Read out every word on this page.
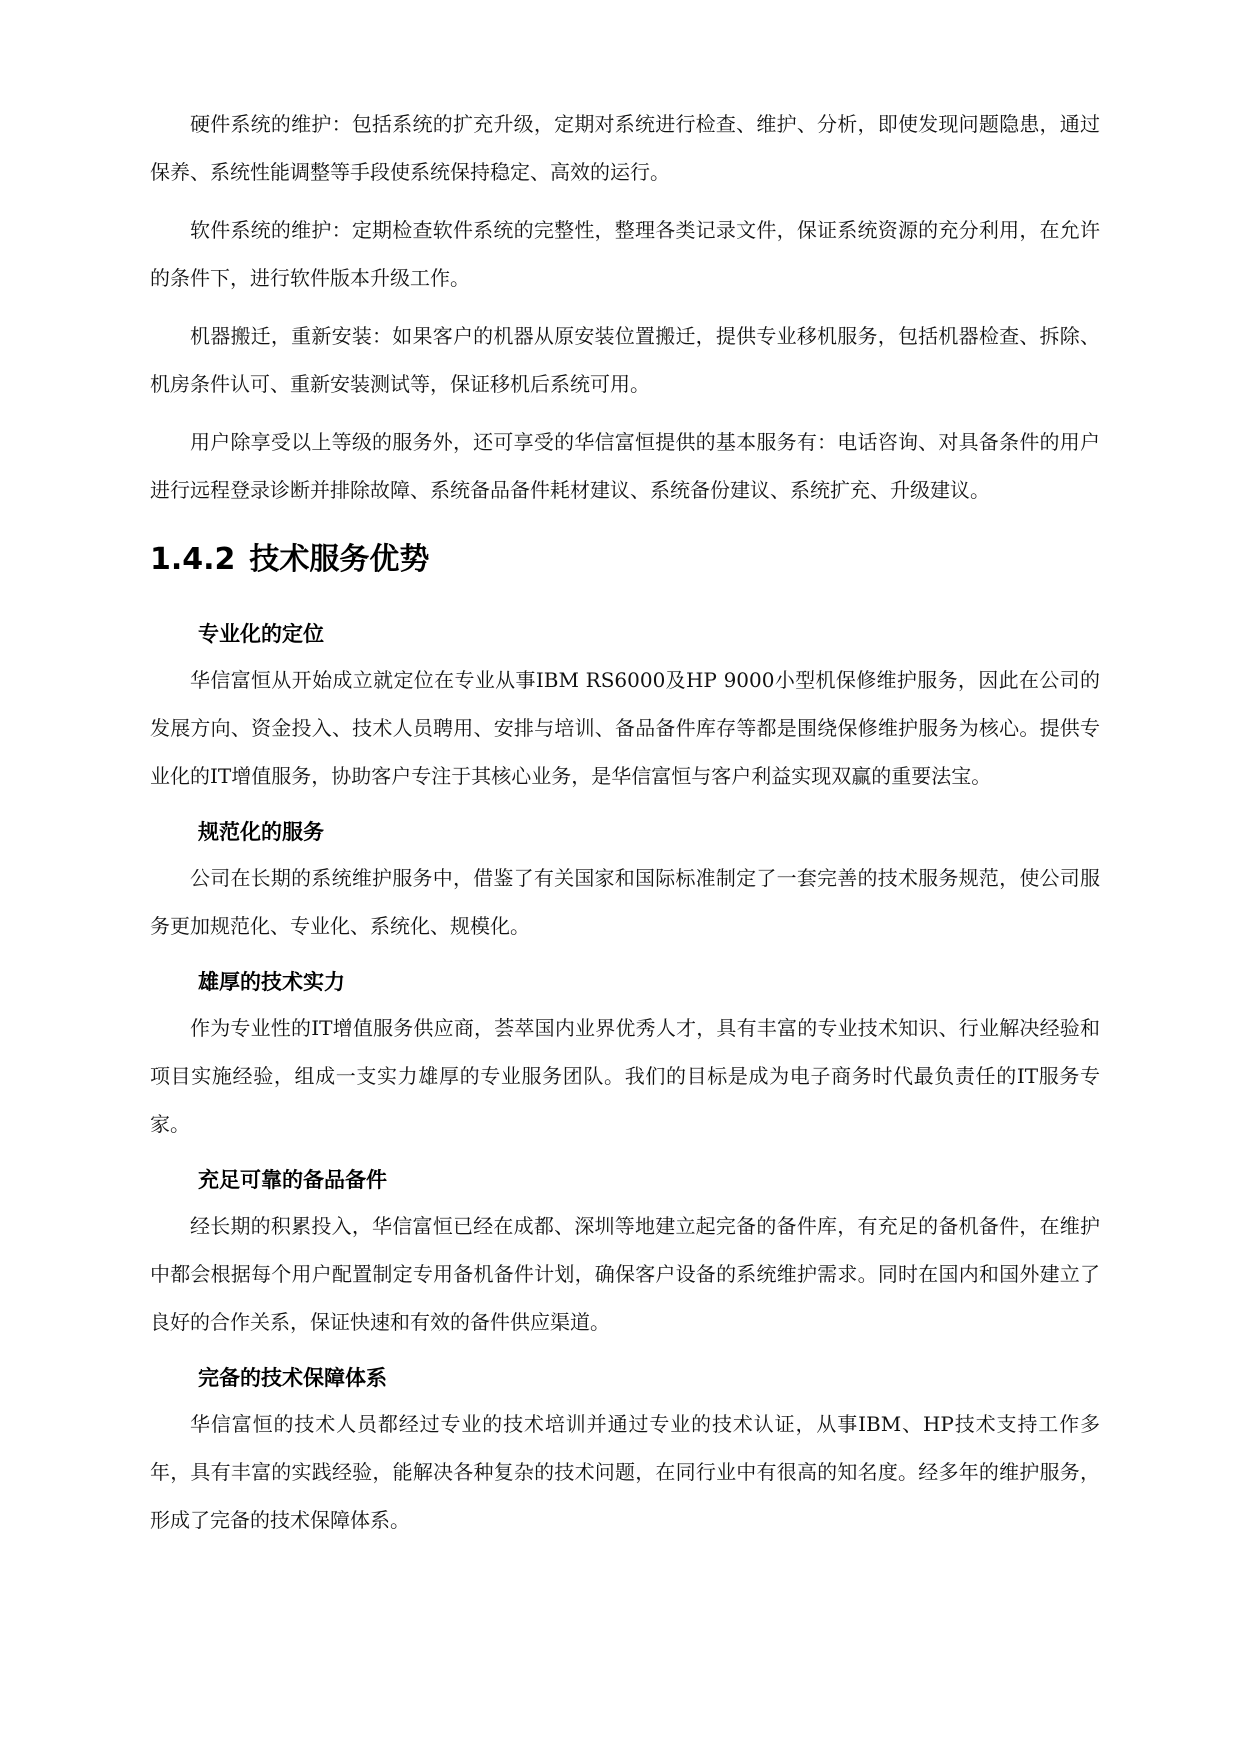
硬件系统的维护：包括系统的扩充升级，定期对系统进行检查、维护、分析，即使发现问题隐患，通过保养、系统性能调整等手段使系统保持稳定、高效的运行。

软件系统的维护：定期检查软件系统的完整性，整理各类记录文件，保证系统资源的充分利用，在允许的条件下，进行软件版本升级工作。

机器搬迁，重新安装：如果客户的机器从原安装位置搬迁，提供专业移机服务，包括机器检查、拆除、机房条件认可、重新安装测试等，保证移机后系统可用。

用户除享受以上等级的服务外，还可享受的华信富恒提供的基本服务有：电话咨询、对具备条件的用户进行远程登录诊断并排除故障、系统备品备件耗材建议、系统备份建议、系统扩充、升级建议。

1.4.2 技术服务优势
专业化的定位

华信富恒从开始成立就定位在专业从事IBM RS6000及HP 9000小型机保修维护服务，因此在公司的发展方向、资金投入、技术人员聘用、安排与培训、备品备件库存等都是围绕保修维护服务为核心。提供专业化的IT增值服务，协助客户专注于其核心业务，是华信富恒与客户利益实现双赢的重要法宝。

规范化的服务

公司在长期的系统维护服务中，借鉴了有关国家和国际标准制定了一套完善的技术服务规范，使公司服务更加规范化、专业化、系统化、规模化。

雄厚的技术实力

作为专业性的IT增值服务供应商，荟萃国内业界优秀人才，具有丰富的专业技术知识、行业解决经验和项目实施经验，组成一支实力雄厚的专业服务团队。我们的目标是成为电子商务时代最负责任的IT服务专家。

充足可靠的备品备件

经长期的积累投入，华信富恒已经在成都、深圳等地建立起完备的备件库，有充足的备机备件，在维护中都会根据每个用户配置制定专用备机备件计划，确保客户设备的系统维护需求。同时在国内和国外建立了良好的合作关系，保证快速和有效的备件供应渠道。

完备的技术保障体系

华信富恒的技术人员都经过专业的技术培训并通过专业的技术认证，从事IBM、HP技术支持工作多年，具有丰富的实践经验，能解决各种复杂的技术问题，在同行业中有很高的知名度。经多年的维护服务，形成了完备的技术保障体系。
